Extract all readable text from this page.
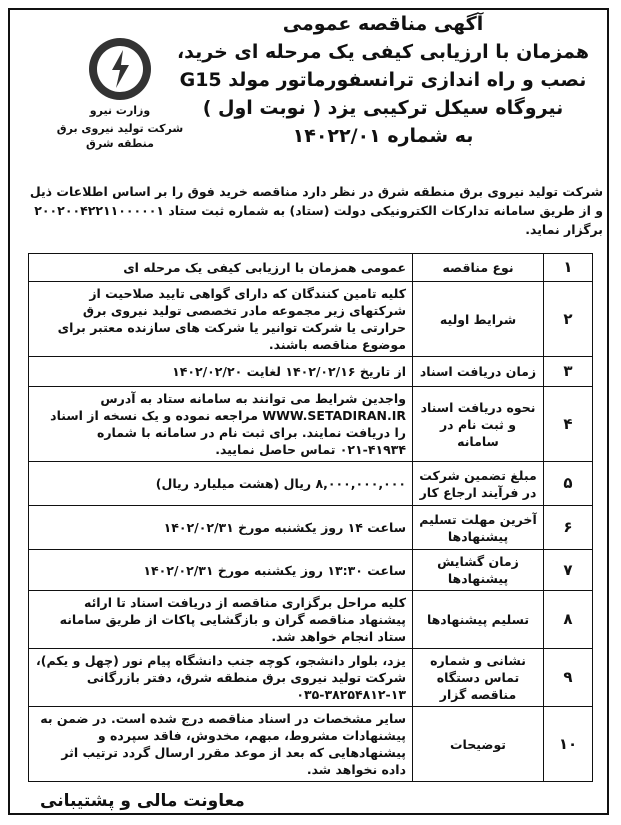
آگهی مناقصه عمومی
همزمان با ارزیابی کیفی یک مرحله ای خرید،
نصب و راه اندازی ترانسفورماتور مولد G15
نیروگاه سیکل ترکیبی یزد ( نوبت اول )
به شماره ۱۴۰۲۲/۰۱
وزارت نیرو
شرکت تولید نیروی برق منطقه شرق
شرکت تولید نیروی برق منطقه شرق در نظر دارد مناقصه خرید فوق را بر اساس اطلاعات ذیل و از طریق سامانه تدارکات الکترونیکی دولت (ستاد) به شماره ثبت ستاد ۲۰۰۲۰۰۴۲۲۱۱۰۰۰۰۰۱ برگزار نماید.
۱	نوع مناقصه	عمومی همزمان با ارزیابی کیفی یک مرحله ای
۲	شرایط اولیه	کلیه تامین کنندگان که دارای گواهی تایید صلاحیت از شرکتهای زیر مجموعه مادر تخصصی تولید نیروی برق حرارتی یا شرکت توانیر یا شرکت های سازنده معتبر برای موضوع مناقصه باشند.
۳	زمان دریافت اسناد	از تاریخ ۱۴۰۲/۰۲/۱۶ لغایت ۱۴۰۲/۰۲/۲۰
۴	نحوه دریافت اسناد و ثبت نام در سامانه	واجدین شرایط می توانند به سامانه ستاد به آدرس WWW.SETADIRAN.IR مراجعه نموده و یک نسخه از اسناد را دریافت نمایند. برای ثبت نام در سامانه با شماره ۴۱۹۳۴-۰۲۱ تماس حاصل نمایید.
۵	مبلغ تضمین شرکت در فرآیند ارجاع کار	۸,۰۰۰,۰۰۰,۰۰۰ ریال (هشت میلیارد ریال)
۶	آخرین مهلت تسلیم پیشنهادها	ساعت ۱۴ روز یکشنبه مورخ ۱۴۰۲/۰۲/۳۱
۷	زمان گشایش پیشنهادها	ساعت ۱۳:۳۰ روز یکشنبه مورخ ۱۴۰۲/۰۲/۳۱
۸	تسلیم پیشنهادها	کلیه مراحل برگزاری مناقصه از دریافت اسناد تا ارائه پیشنهاد مناقصه گران و بازگشایی پاکات از طریق سامانه ستاد انجام خواهد شد.
۹	نشانی و شماره تماس دستگاه مناقصه گزار	یزد، بلوار دانشجو، کوچه جنب دانشگاه پیام نور (چهل و یکم)، شرکت تولید نیروی برق منطقه شرق، دفتر بازرگانی ۱۳-۳۸۲۵۴۸۱۲-۰۳۵
۱۰	توضیحات	سایر مشخصات در اسناد مناقصه درج شده است. در ضمن به پیشنهادات مشروط، مبهم، مخدوش، فاقد سپرده و پیشنهادهایی که بعد از موعد مقرر ارسال گردد ترتیب اثر داده نخواهد شد.
معاونت مالی و پشتیبانی
